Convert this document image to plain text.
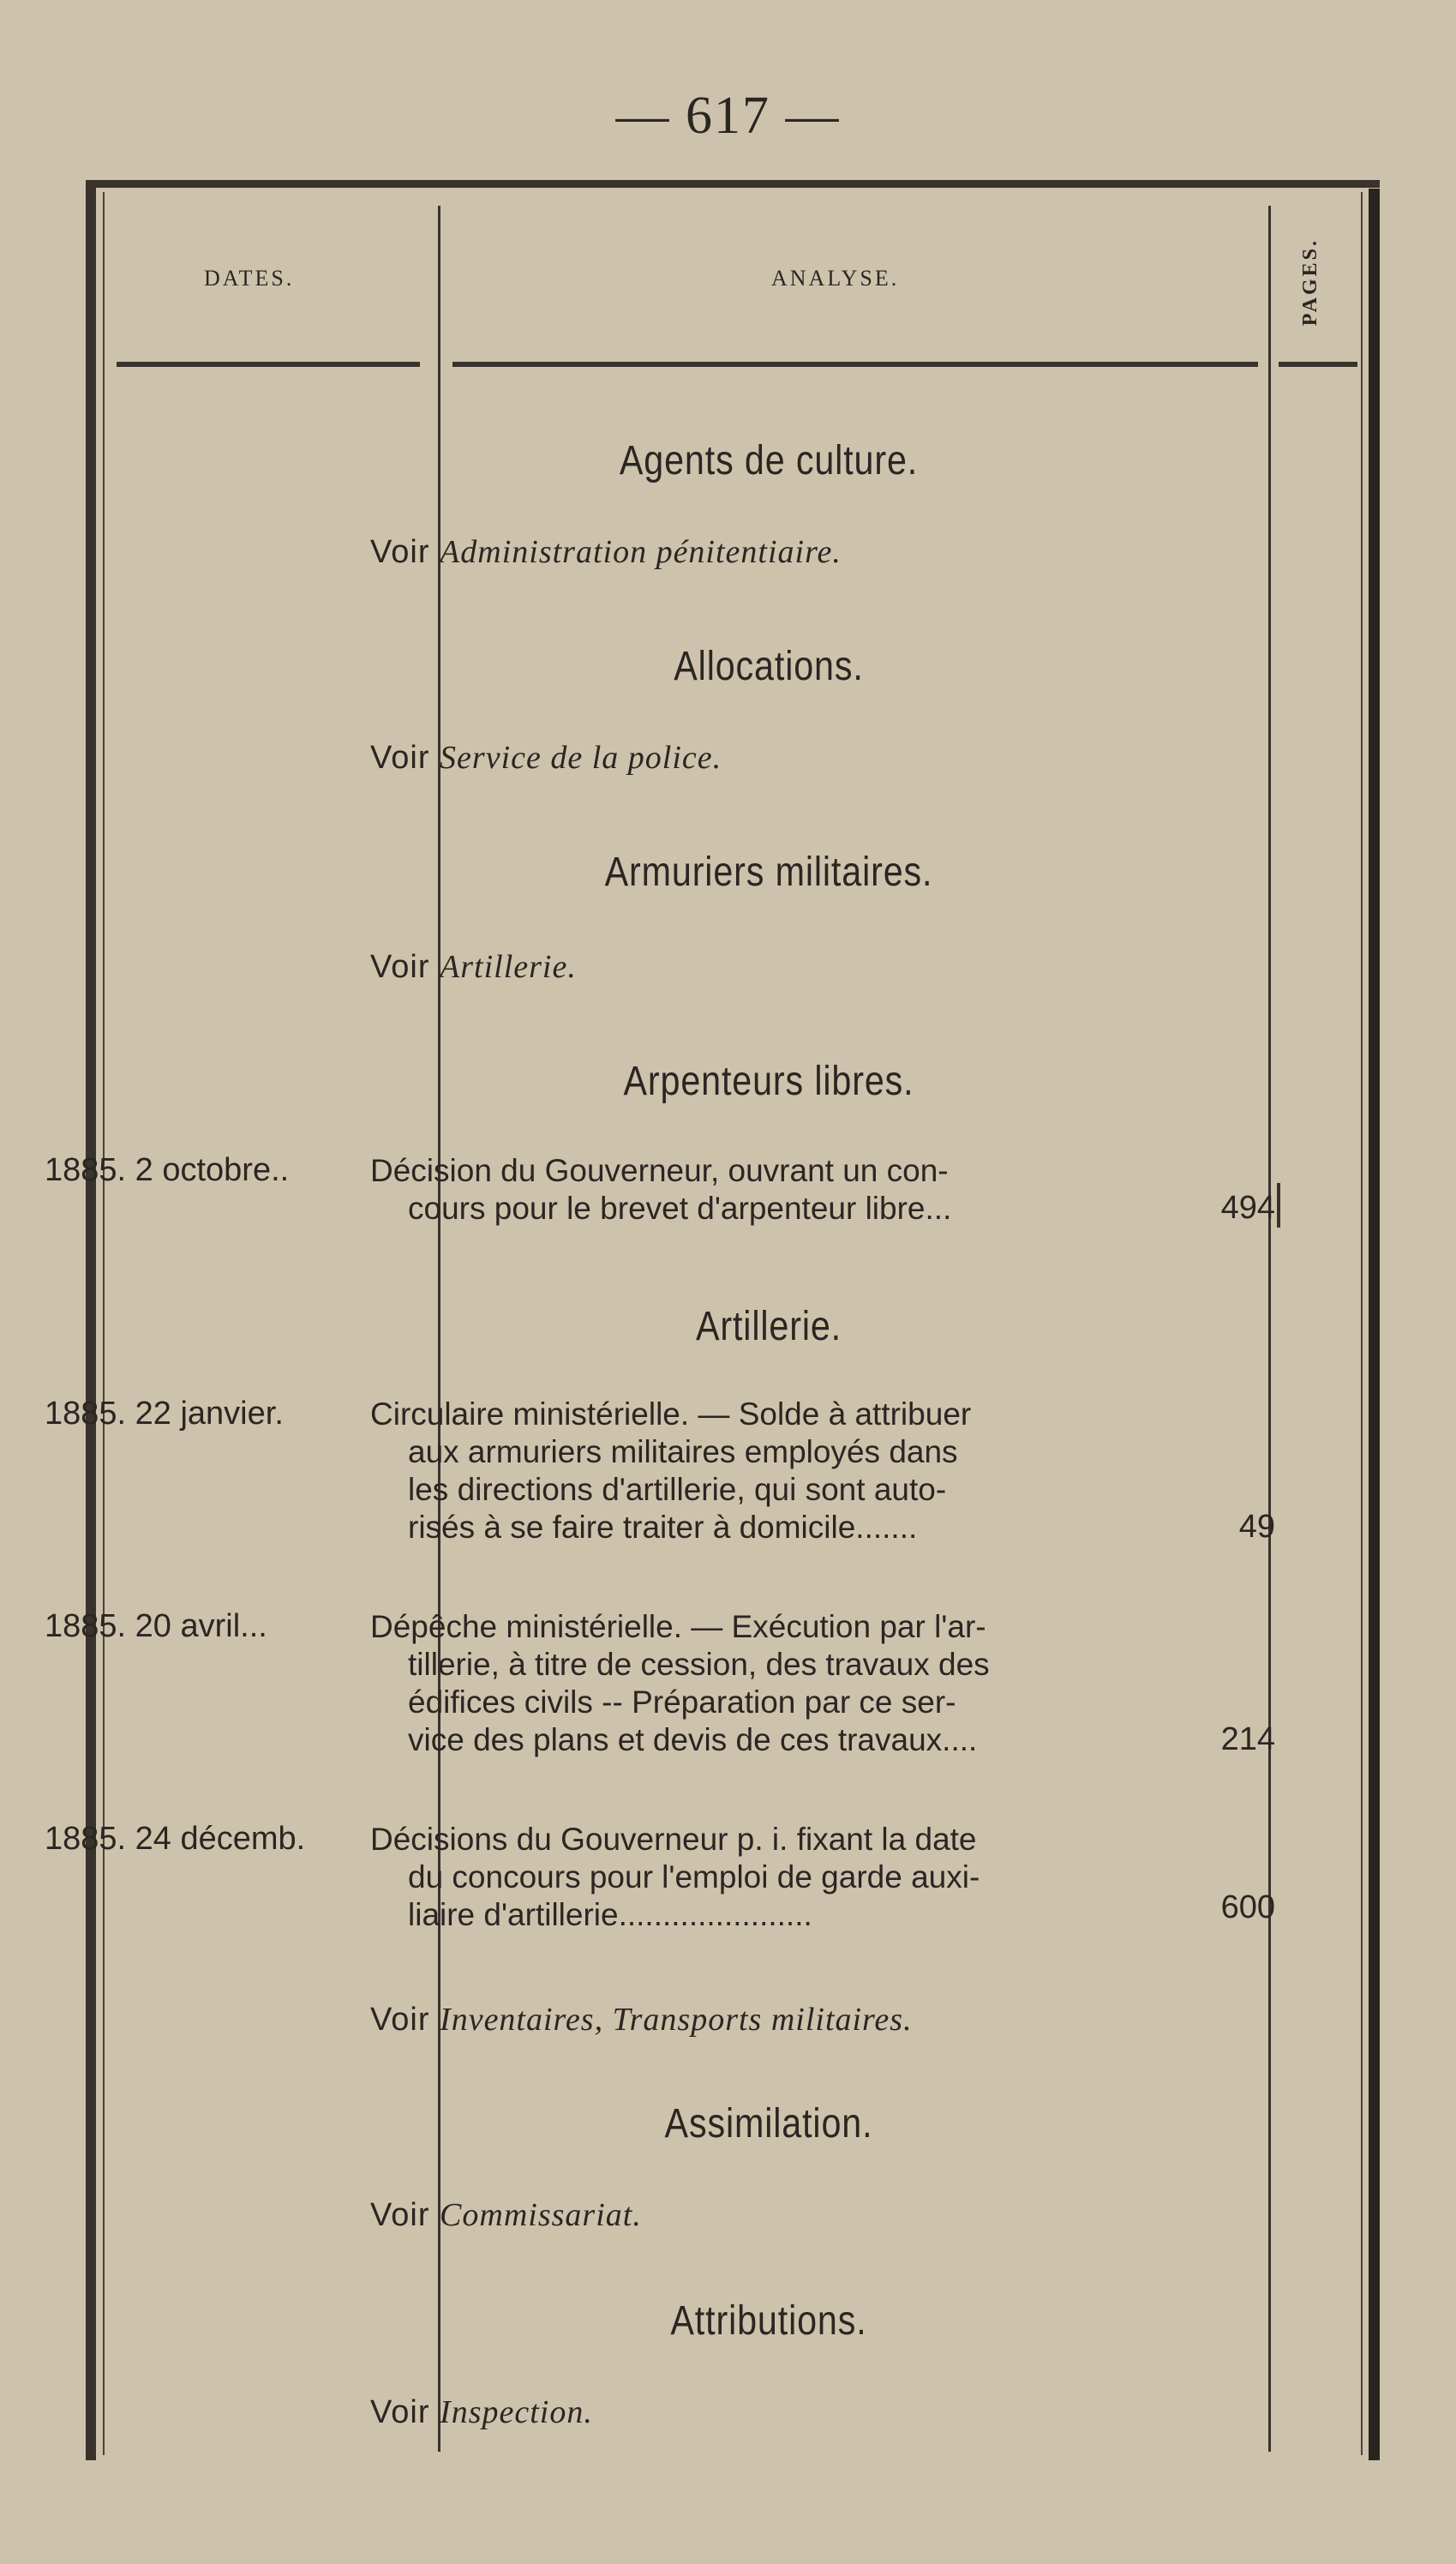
— 617 —
DATES.	ANALYSE.	PAGES.
Agents de culture.
Voir Administration pénitentiaire.
Allocations.
Voir Service de la police.
Armuriers militaires.
Voir Artillerie.
Arpenteurs libres.
1885. 2 octobre..	Décision du Gouverneur, ouvrant un con-
cours pour le brevet d'arpenteur libre...	494
Artillerie.
1885. 22 janvier.	Circulaire ministérielle. — Solde à attribuer
aux armuriers militaires employés dans
les directions d'artillerie, qui sont auto-
risés à se faire traiter à domicile.......	49
1885. 20 avril...	Dépêche ministérielle. — Exécution par l'ar-
tillerie, à titre de cession, des travaux des
édifices civils -- Préparation par ce ser-
vice des plans et devis de ces travaux....	214
1885. 24 décemb. Décisions du Gouverneur p. i. fixant la date
du concours pour l'emploi de garde auxi-
liaire d'artillerie......................	600
Voir Inventaires, Transports militaires.
Assimilation.
Voir Commissariat.
Attributions.
Voir Inspection.
